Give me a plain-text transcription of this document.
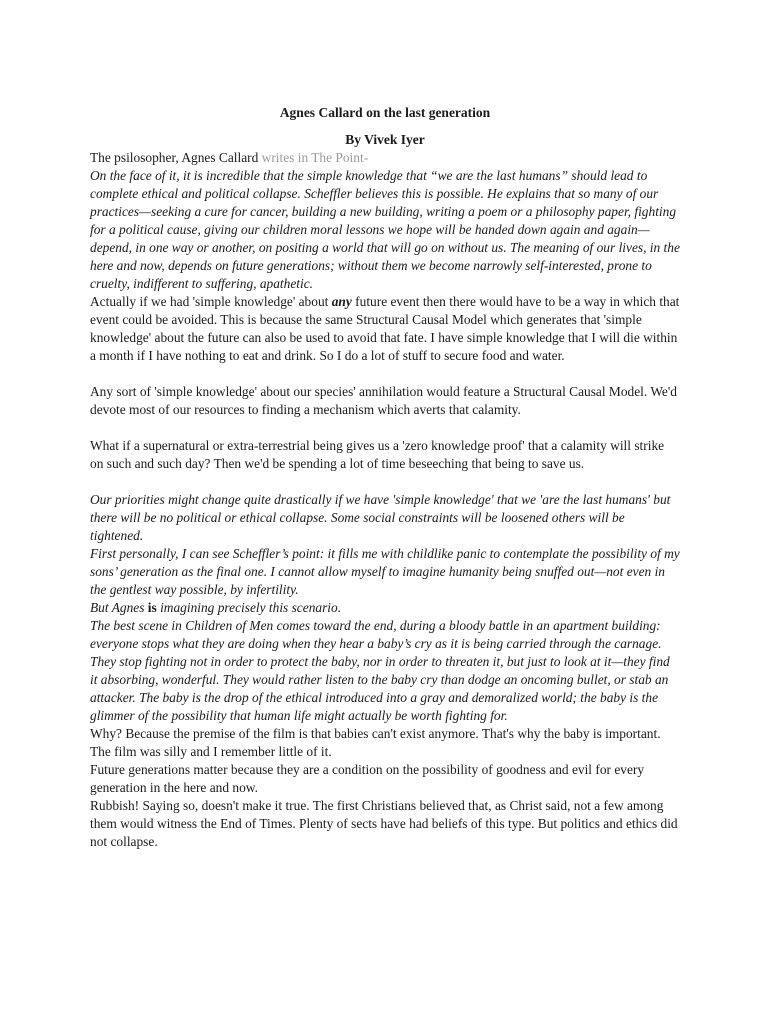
Agnes Callard on the last generation

By Vivek Iyer

The psilosopher, Agnes Callard writes in The Point-

On the face of it, it is incredible that the simple knowledge that “we are the last humans” should lead to complete ethical and political collapse. Scheffler believes this is possible. He explains that so many of our practices—seeking a cure for cancer, building a new building, writing a poem or a philosophy paper, fighting for a political cause, giving our children moral lessons we hope will be handed down again and again—depend, in one way or another, on positing a world that will go on without us. The meaning of our lives, in the here and now, depends on future generations; without them we become narrowly self-interested, prone to cruelty, indifferent to suffering, apathetic.

Actually if we had 'simple knowledge' about any future event then there would have to be a way in which that event could be avoided. This is because the same Structural Causal Model which generates that 'simple knowledge' about the future can also be used to avoid that fate. I have simple knowledge that I will die within a month if I have nothing to eat and drink. So I do a lot of stuff to secure food and water.

Any sort of 'simple knowledge' about our species' annihilation would feature a Structural Causal Model. We'd devote most of our resources to finding a mechanism which averts that calamity.

What if a supernatural or extra-terrestrial being gives us a 'zero knowledge proof' that a calamity will strike on such and such day? Then we'd be spending a lot of time beseeching that being to save us.

Our priorities might change quite drastically if we have 'simple knowledge' that we 'are the last humans' but there will be no political or ethical collapse. Some social constraints will be loosened others will be tightened.

First personally, I can see Scheffler’s point: it fills me with childlike panic to contemplate the possibility of my sons’ generation as the final one. I cannot allow myself to imagine humanity being snuffed out—not even in the gentlest way possible, by infertility.

But Agnes is imagining precisely this scenario.

The best scene in Children of Men comes toward the end, during a bloody battle in an apartment building: everyone stops what they are doing when they hear a baby’s cry as it is being carried through the carnage. They stop fighting not in order to protect the baby, nor in order to threaten it, but just to look at it—they find it absorbing, wonderful. They would rather listen to the baby cry than dodge an oncoming bullet, or stab an attacker. The baby is the drop of the ethical introduced into a gray and demoralized world; the baby is the glimmer of the possibility that human life might actually be worth fighting for.

Why? Because the premise of the film is that babies can't exist anymore. That's why the baby is important. The film was silly and I remember little of it.

Future generations matter because they are a condition on the possibility of goodness and evil for every generation in the here and now.

Rubbish! Saying so, doesn't make it true. The first Christians believed that, as Christ said, not a few among them would witness the End of Times. Plenty of sects have had beliefs of this type. But politics and ethics did not collapse.
